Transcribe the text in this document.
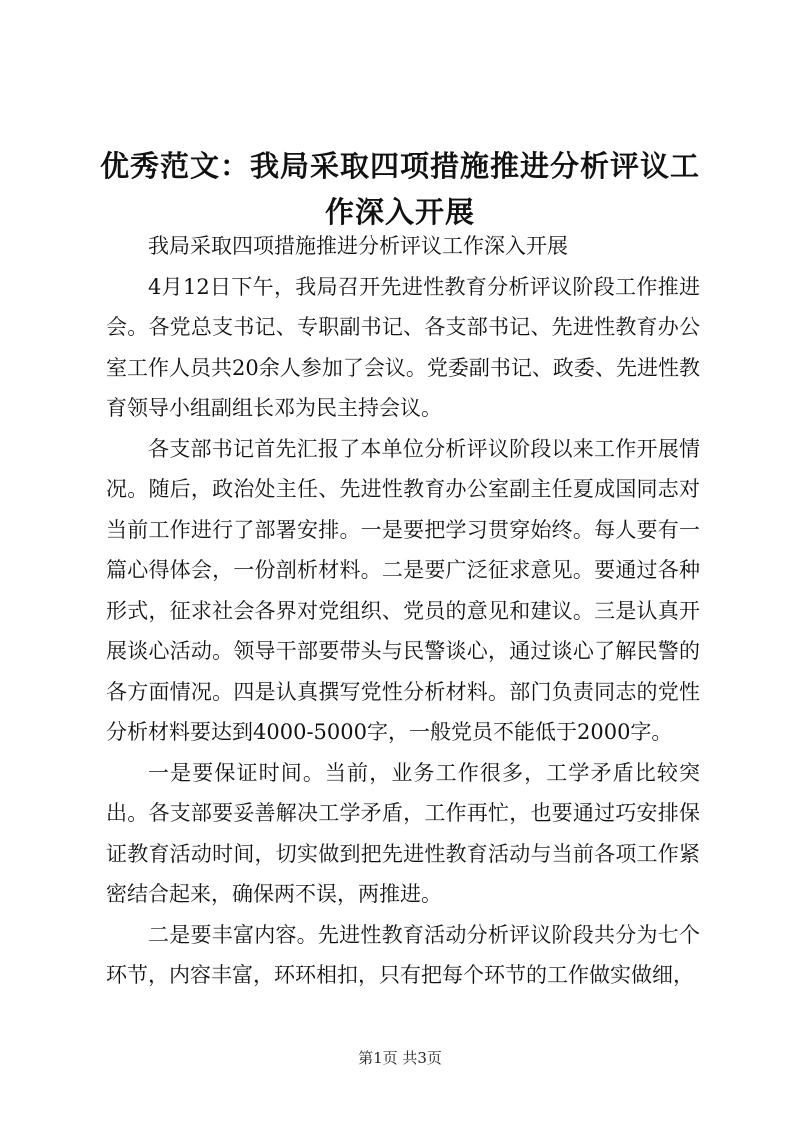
优秀范文：我局采取四项措施推进分析评议工作深入开展

我局采取四项措施推进分析评议工作深入开展

4月12日下午，我局召开先进性教育分析评议阶段工作推进会。各党总支书记、专职副书记、各支部书记、先进性教育办公室工作人员共20余人参加了会议。党委副书记、政委、先进性教育领导小组副组长邓为民主持会议。

各支部书记首先汇报了本单位分析评议阶段以来工作开展情况。随后，政治处主任、先进性教育办公室副主任夏成国同志对当前工作进行了部署安排。一是要把学习贯穿始终。每人要有一篇心得体会，一份剖析材料。二是要广泛征求意见。要通过各种形式，征求社会各界对党组织、党员的意见和建议。三是认真开展谈心活动。领导干部要带头与民警谈心，通过谈心了解民警的各方面情况。四是认真撰写党性分析材料。部门负责同志的党性分析材料要达到4000-5000字，一般党员不能低于2000字。

一是要保证时间。当前，业务工作很多，工学矛盾比较突出。各支部要妥善解决工学矛盾，工作再忙，也要通过巧安排保证教育活动时间，切实做到把先进性教育活动与当前各项工作紧密结合起来，确保两不误，两推进。

二是要丰富内容。先进性教育活动分析评议阶段共分为七个环节，内容丰富，环环相扣，只有把每个环节的工作做实做细，

第1页 共3页
